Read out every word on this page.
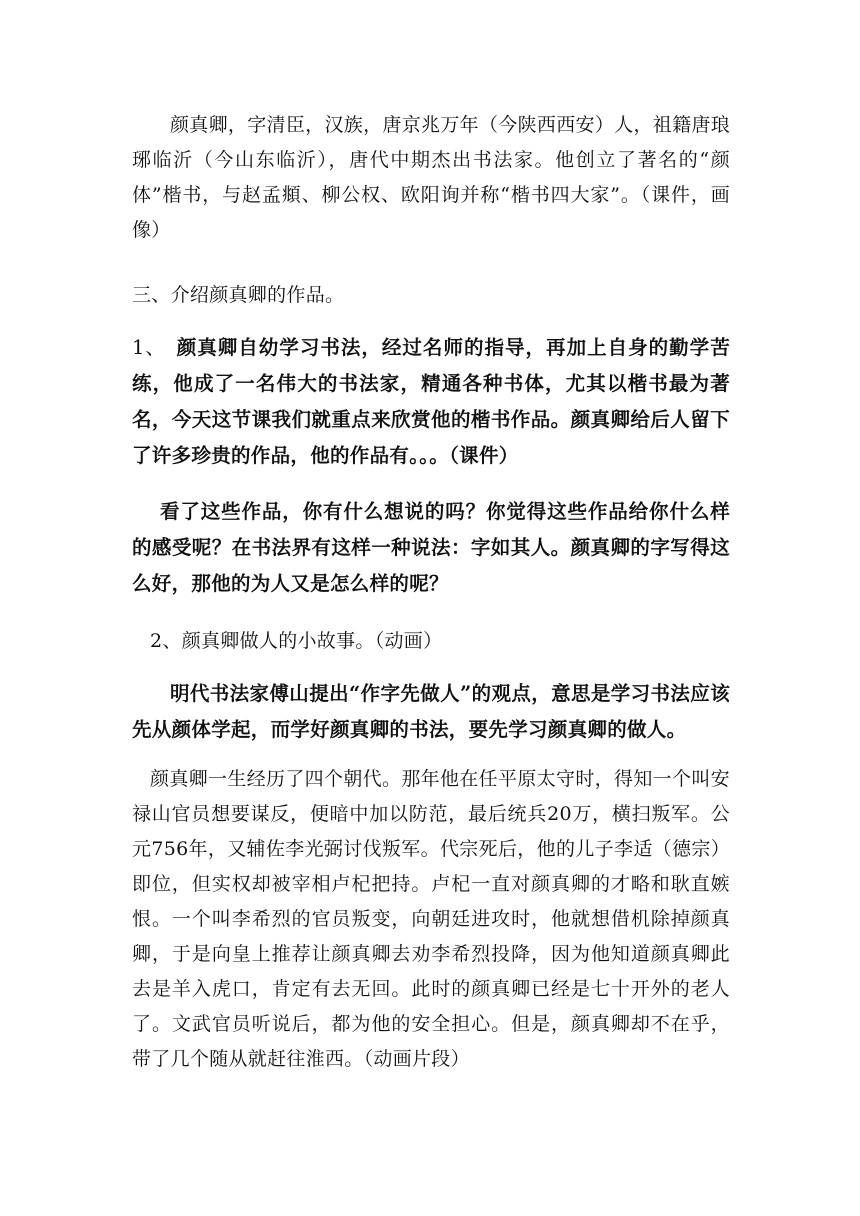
颜真卿，字清臣，汉族，唐京兆万年（今陕西西安）人，祖籍唐琅琊临沂（今山东临沂），唐代中期杰出书法家。他创立了著名的“颜体”楷书，与赵孟頫、柳公权、欧阳询并称“楷书四大家”。（课件，画像）

三、介绍颜真卿的作品。

1、　颜真卿自幼学习书法，经过名师的指导，再加上自身的勤学苦练，他成了一名伟大的书法家，精通各种书体，尤其以楷书最为著名，今天这节课我们就重点来欣赏他的楷书作品。颜真卿给后人留下了许多珍贵的作品，他的作品有。。。（课件）

看了这些作品，你有什么想说的吗？你觉得这些作品给你什么样的感受呢？在书法界有这样一种说法：字如其人。颜真卿的字写得这么好，那他的为人又是怎么样的呢？

2、颜真卿做人的小故事。（动画）

明代书法家傅山提出“作字先做人”的观点，意思是学习书法应该先从颜体学起，而学好颜真卿的书法，要先学习颜真卿的做人。

颜真卿一生经历了四个朝代。那年他在任平原太守时，得知一个叫安禄山官员想要谋反，便暗中加以防范，最后统兵20万，横扫叛军。公元756年，又辅佐李光弼讨伐叛军。代宗死后，他的儿子李适（德宗）即位，但实权却被宰相卢杞把持。卢杞一直对颜真卿的才略和耿直嫉恨。一个叫李希烈的官员叛变，向朝廷进攻时，他就想借机除掉颜真卿，于是向皇上推荐让颜真卿去劝李希烈投降，因为他知道颜真卿此去是羊入虎口，肯定有去无回。此时的颜真卿已经是七十开外的老人了。文武官员听说后，都为他的安全担心。但是，颜真卿却不在乎，带了几个随从就赶往淮西。（动画片段）
